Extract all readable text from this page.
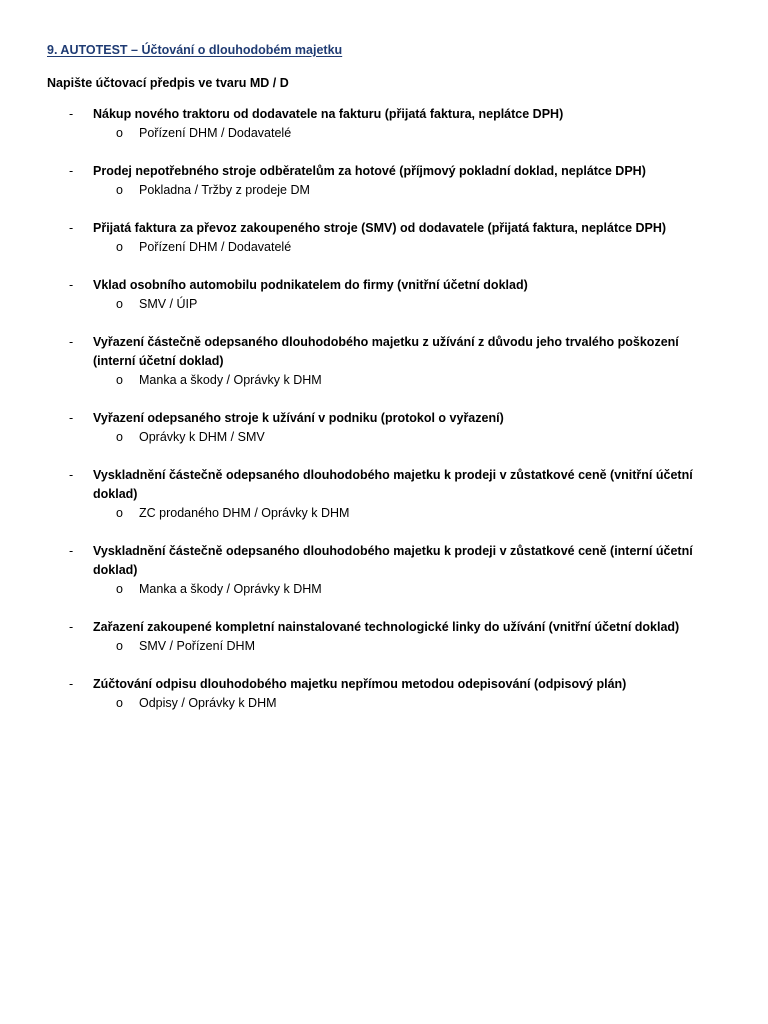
9. AUTOTEST – Účtování o dlouhodobém majetku
Napište účtovací předpis ve tvaru MD / D
- Nákup nového traktoru od dodavatele na fakturu (přijatá faktura, neplátce DPH)
o Pořízení DHM / Dodavatelé
- Prodej nepotřebného stroje odběratelům za hotové (příjmový pokladní doklad, neplátce DPH)
o Pokladna / Tržby z prodeje DM
- Přijatá faktura za převoz zakoupeného stroje (SMV) od dodavatele (přijatá faktura, neplátce DPH)
o Pořízení DHM / Dodavatelé
- Vklad osobního automobilu podnikatelem do firmy (vnitřní účetní doklad)
o SMV / ÚIP
- Vyřazení částečně odepsaného dlouhodobého majetku z užívání z důvodu jeho trvalého poškození (interní účetní doklad)
o Manka a škody / Oprávky k DHM
- Vyřazení odepsaného stroje k užívání v podniku (protokol o vyřazení)
o Oprávky k DHM / SMV
- Vyskladnění částečně odepsaného dlouhodobého majetku k prodeji v zůstatkové ceně (vnitřní účetní doklad)
o ZC prodaného DHM / Oprávky k DHM
- Vyskladnění částečně odepsaného dlouhodobého majetku k prodeji v zůstatkové ceně (interní účetní doklad)
o Manka a škody / Oprávky k DHM
- Zařazení zakoupené kompletní nainstalované technologické linky do užívání (vnitřní účetní doklad)
o SMV / Pořízení DHM
- Zúčtování odpisu dlouhodobého majetku nepřímou metodou odepisování (odpisový plán)
o Odpisy / Oprávky k DHM
